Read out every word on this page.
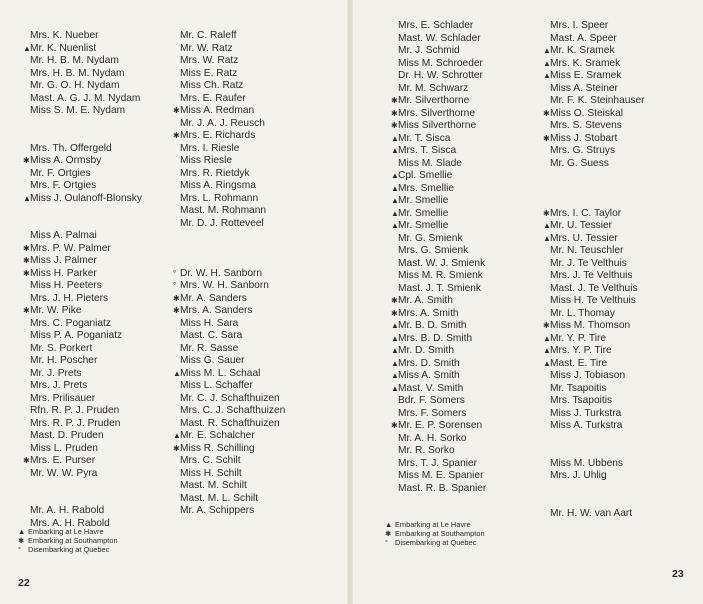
Mrs. K. Nueber
▲ Mr. K. Nuenlist
Mr. H. B. M. Nydam
Mrs. H. B. M. Nydam
Mr. G. O. H. Nydam
Mast. A. G. J. M. Nydam
Miss S. M. E. Nydam
Mrs. Th. Offergeld
✱ Miss A. Ormsby
Mr. F. Ortgies
Mrs. F. Ortgies
▲ Miss J. Oulanoff-Blonsky
Miss A. Palmai
✱ Mrs. P. W. Palmer
✱ Miss J. Palmer
✱ Miss H. Parker
Miss H. Peeters
Mrs. J. H. Pieters
✱ Mr. W. Pike
Mrs. C. Poganiatz
Miss P. A. Poganiatz
Mr. S. Porkert
Mr. H. Poscher
Mr. J. Prets
Mrs. J. Prets
Mrs. Prilisauer
Rfn. R. P. J. Pruden
Mrs. R. P. J. Pruden
Mast. D. Pruden
Miss L. Pruden
✱ Mrs. E. Purser
Mr. W. W. Pyra
Mr. A. H. Rabold
Mrs. A. H. Rabold
Mr. C. Raleff
Mr. W. Ratz
Mrs. W. Ratz
Miss E. Ratz
Miss Ch. Ratz
Mrs. E. Raufer
✱ Miss A. Redman
Mr. J. A. J. Reusch
✱ Mrs. E. Richards
Mrs. I. Riesle
Miss Riesle
Mrs. R. Rietdyk
Miss A. Ringsma
Mrs. L. Rohmann
Mast. M. Rohmann
Mr. D. J. Rotteveel
° Dr. W. H. Sanborn
° Mrs. W. H. Sanborn
✱ Mr. A. Sanders
✱ Mrs. A. Sanders
Miss H. Sara
Mast. C. Sara
Mr. R. Sasse
Miss G. Sauer
▲ Miss M. L. Schaal
Miss L. Schaffer
Mr. C. J. Schafthuizen
Mrs. C. J. Schafthuizen
Mast. R. Schafthuizen
▲ Mr. E. Schalcher
✱ Miss R. Schilling
Mrs. C. Schilt
Miss H. Schilt
Mast. M. Schilt
Mast. M. L. Schilt
Mr. A. Schippers
Mrs. E. Schlader
Mast. W. Schlader
Mr. J. Schmid
Miss M. Schroeder
Dr. H. W. Schrotter
Mr. M. Schwarz
✱ Mr. Silverthorne
✱ Mrs. Silverthorne
✱ Miss Silverthorne
▲ Mr. T. Sisca
▲ Mrs. T. Sisca
Miss M. Slade
▲ Cpl. Smellie
▲ Mrs. Smellie
▲ Mr. Smellie
▲ Mr. Smellie
▲ Mr. Smellie
Mr. G. Smienk
Mrs. G. Smienk
Mast. W. J. Smienk
Miss M. R. Smienk
Mast. J. T. Smienk
✱ Mr. A. Smith
✱ Mrs. A. Smith
▲ Mr. B. D. Smith
▲ Mrs. B. D. Smith
▲ Mr. D. Smith
▲ Mrs. D. Smith
▲ Miss A. Smith
▲ Mast. V. Smith
Bdr. F. Somers
Mrs. F. Somers
✱ Mr. E. P. Sorensen
Mr. A. H. Sorko
Mr. R. Sorko
Mrs. T. J. Spanier
Miss M. E. Spanier
Mast. R. B. Spanier
Mrs. I. Speer
Mast. A. Speer
▲ Mr. K. Sramek
▲ Mrs. K. Sramek
▲ Miss E. Sramek
Miss A. Steiner
Mr. F. K. Steinhauser
✱ Miss O. Steiskal
Mrs. S. Stevens
✱ Miss J. Stobart
Mrs. G. Struys
Mr. G. Suess
✱ Mrs. I. C. Taylor
▲ Mr. U. Tessier
▲ Mrs. U. Tessier
Mr. N. Teuschler
Mr. J. Te Velthuis
Mrs. J. Te Velthuis
Mast. J. Te Velthuis
Miss H. Te Velthuis
Mr. L. Thomay
✱ Miss M. Thomson
▲ Mr. Y. P. Tire
▲ Mrs. Y. P. Tire
▲ Mast. E. Tire
Miss J. Tobiason
Mr. Tsapoitis
Mrs. Tsapoitis
Miss J. Turkstra
Miss A. Turkstra
Miss M. Ubbens
Mrs. J. Uhlig
Mr. H. W. van Aart
▲ Embarking at Le Havre
✱ Embarking at Southampton
° Disembarking at Quebec
▲ Embarking at Le Havre
✱ Embarking at Southampton
° Disembarking at Quebec
22
23
